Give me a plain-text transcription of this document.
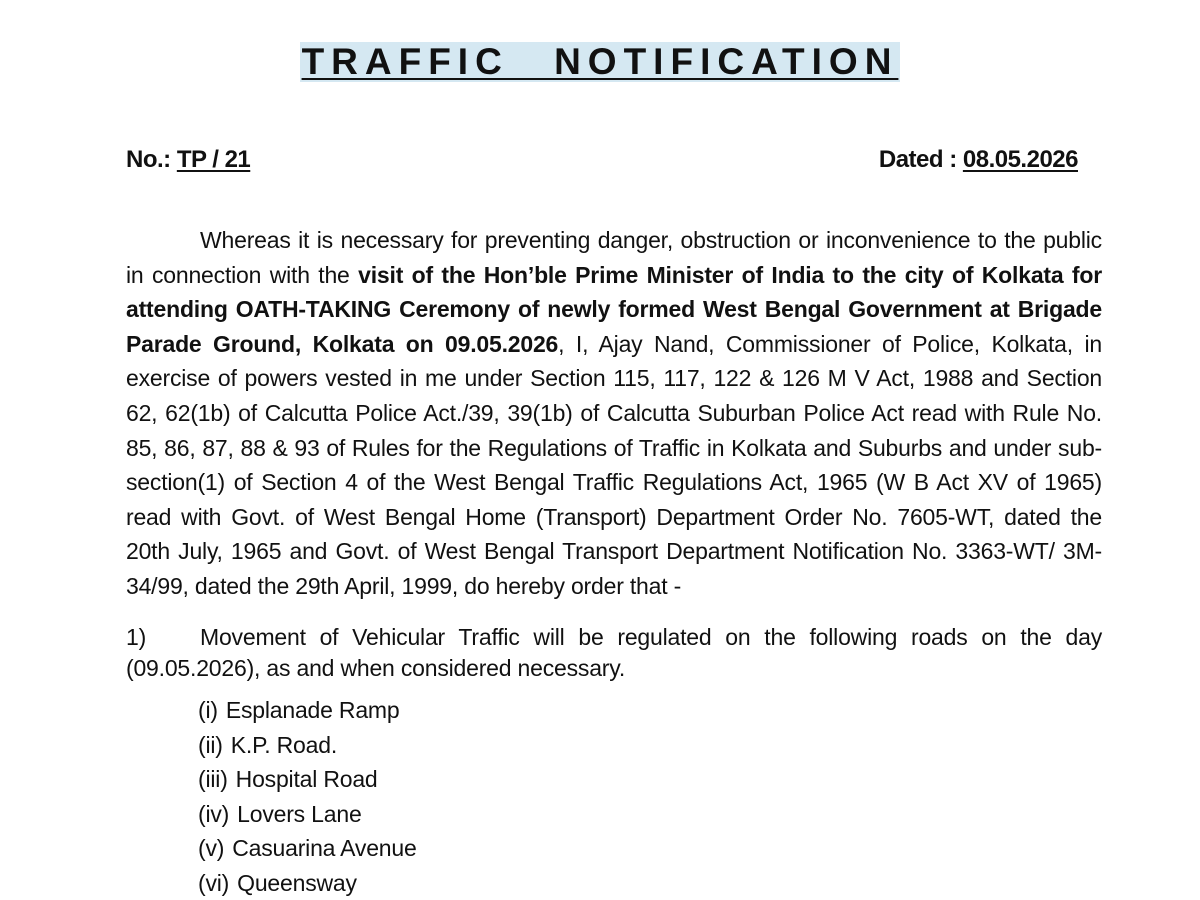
TRAFFIC NOTIFICATION
No.: TP / 21	Dated : 08.05.2026
Whereas it is necessary for preventing danger, obstruction or inconvenience to the public in connection with the visit of the Hon’ble Prime Minister of India to the city of Kolkata for attending OATH-TAKING Ceremony of newly formed West Bengal Government at Brigade Parade Ground, Kolkata on 09.05.2026, I, Ajay Nand, Commissioner of Police, Kolkata, in exercise of powers vested in me under Section 115, 117, 122 & 126 M V Act, 1988 and Section 62, 62(1b) of Calcutta Police Act./39, 39(1b) of Calcutta Suburban Police Act read with Rule No. 85, 86, 87, 88 & 93 of Rules for the Regulations of Traffic in Kolkata and Suburbs and under sub- section(1) of Section 4 of the West Bengal Traffic Regulations Act, 1965 (W B Act XV of 1965) read with Govt. of West Bengal Home (Transport) Department Order No. 7605-WT, dated the 20th July, 1965 and Govt. of West Bengal Transport Department Notification No. 3363-WT/ 3M-34/99, dated the 29th April, 1999, do hereby order that -
1) Movement of Vehicular Traffic will be regulated on the following roads on the day (09.05.2026), as and when considered necessary.
(i) Esplanade Ramp
(ii) K.P. Road.
(iii) Hospital Road
(iv) Lovers Lane
(v) Casuarina Avenue
(vi) Queensway
